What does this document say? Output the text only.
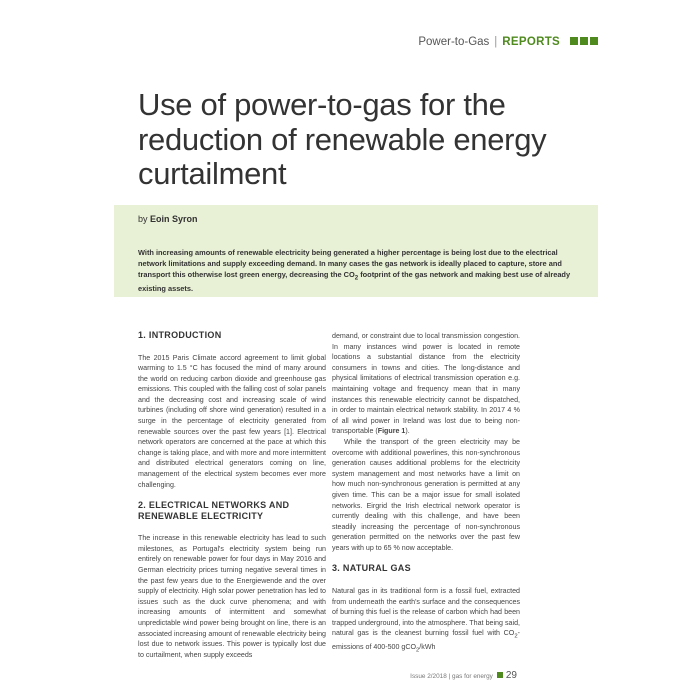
Power-to-Gas | REPORTS
Use of power-to-gas for the reduction of renewable energy curtailment
by Eoin Syron

With increasing amounts of renewable electricity being generated a higher percentage is being lost due to the electrical network limitations and supply exceeding demand. In many cases the gas network is ideally placed to capture, store and transport this otherwise lost green energy, decreasing the $CO_2$ footprint of the gas network and making best use of already existing assets.

1. INTRODUCTION

The 2015 Paris Climate accord agreement to limit global warming to 1.5 °C has focused the mind of many around the world on reducing carbon dioxide and greenhouse gas emissions. This coupled with the falling cost of solar panels and the decreasing cost and increasing scale of wind turbines (including off shore wind generation) resulted in a surge in the percentage of electricity generated from renewable sources over the past few years [1]. Electrical network operators are concerned at the pace at which this change is taking place, and with more and more intermittent and distributed electrical generators coming on line, management of the electrical system becomes ever more challenging.

2. ELECTRICAL NETWORKS AND RENEWABLE ELECTRICITY

The increase in this renewable electricity has lead to such milestones, as Portugal's electricity system being run entirely on renewable power for four days in May 2016 and German electricity prices turning negative several times in the past few years due to the Energiewende and the over supply of electricity. High solar power penetration has led to issues such as the duck curve phenomena; and with increasing amounts of intermittent and somewhat unpredictable wind power being brought on line, there is an associated increasing amount of renewable electricity being lost due to network issues. This power is typically lost due to curtailment, when supply exceeds

demand, or constraint due to local transmission congestion. In many instances wind power is located in remote locations a substantial distance from the electricity consumers in towns and cities. The long-distance and physical limitations of electrical transmission operation e.g. maintaining voltage and frequency mean that in many instances this renewable electricity cannot be dispatched, in order to maintain electrical network stability. In 2017 4 % of all wind power in Ireland was lost due to being non-transportable (Figure 1).

While the transport of the green electricity may be overcome with additional powerlines, this non-synchronous generation causes additional problems for the electricity system management and most networks have a limit on how much non-synchronous generation is permitted at any given time. This can be a major issue for small isolated networks. Eirgrid the Irish electrical network operator is currently dealing with this challenge, and have been steadily increasing the percentage of non-synchronous generation permitted on the networks over the past few years with up to 65 % now acceptable.

3. NATURAL GAS

Natural gas in its traditional form is a fossil fuel, extracted from underneath the earth's surface and the consequences of burning this fuel is the release of carbon which had been trapped underground, into the atmosphere. That being said, natural gas is the cleanest burning fossil fuel with $CO_2$-emissions of 400-500 gCO$_2$/kWh

Issue 2/2018 | gas for energy 29
